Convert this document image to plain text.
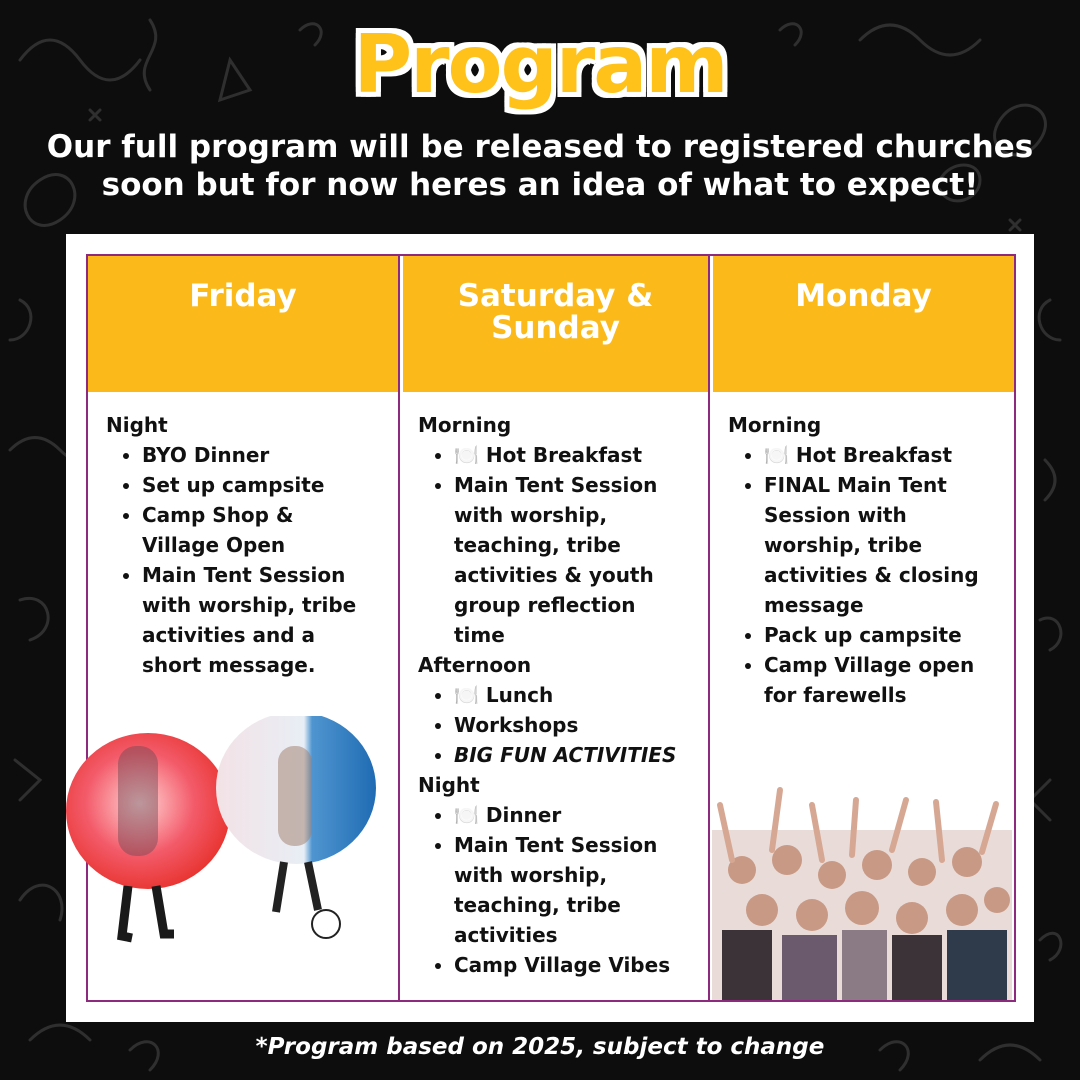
Program
Our full program will be released to registered churches
soon but for now heres an idea of what to expect!
Friday
Night
• BYO Dinner
• Set up campsite
• Camp Shop & Village Open
• Main Tent Session with worship, tribe activities and a short message.
Saturday & Sunday
Morning
• 🍽️ Hot Breakfast
• Main Tent Session with worship, teaching, tribe activities & youth group reflection time
Afternoon
• 🍽️ Lunch
• Workshops
• BIG FUN ACTIVITIES
Night
• 🍽️ Dinner
• Main Tent Session with worship, teaching, tribe activities
• Camp Village Vibes
Monday
Morning
• 🍽️ Hot Breakfast
• FINAL Main Tent Session with worship, tribe activities & closing message
• Pack up campsite
• Camp Village open for farewells
*Program based on 2025, subject to change
